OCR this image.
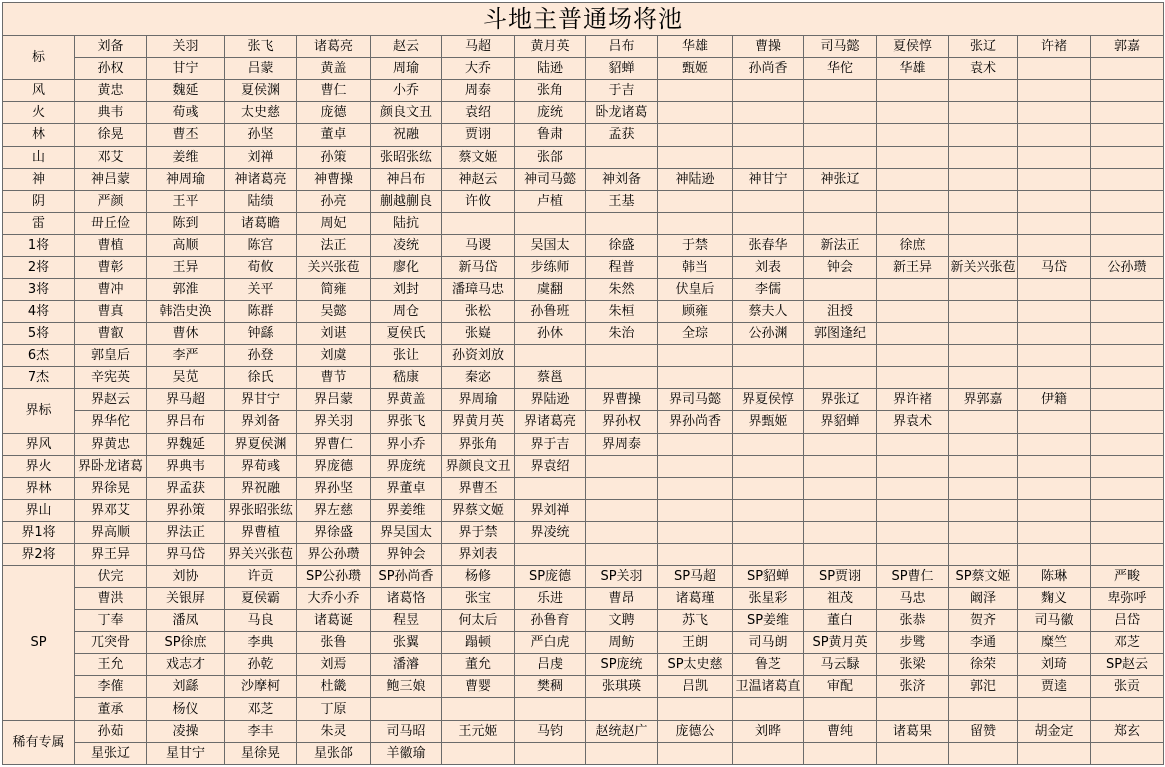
斗地主普通场将池															
标	刘备	关羽	张飞	诸葛亮	赵云	马超	黄月英	吕布	华雄	曹操	司马懿	夏侯惇	张辽	许褚	郭嘉
	孙权	甘宁	吕蒙	黄盖	周瑜	大乔	陆逊	貂蝉	甄姬	孙尚香	华佗	华雄	袁术		
风	黄忠	魏延	夏侯渊	曹仁	小乔	周泰	张角	于吉							
火	典韦	荀彧	太史慈	庞德	颜良文丑	袁绍	庞统	卧龙诸葛							
林	徐晃	曹丕	孙坚	董卓	祝融	贾诩	鲁肃	孟获							
山	邓艾	姜维	刘禅	孙策	张昭张纮	蔡文姬	张郃								
神	神吕蒙	神周瑜	神诸葛亮	神曹操	神吕布	神赵云	神司马懿	神刘备	神陆逊	神甘宁	神张辽				
阴	严颜	王平	陆绩	孙亮	蒯越蒯良	许攸	卢植	王基							
雷	毌丘俭	陈到	诸葛瞻	周妃	陆抗										
1将	曹植	高顺	陈宫	法正	凌统	马谡	吴国太	徐盛	于禁	张春华	新法正	徐庶			
2将	曹彰	王异	荀攸	关兴张苞	廖化	新马岱	步练师	程普	韩当	刘表	钟会	新王异	新关兴张苞	马岱	公孙瓒
3将	曹冲	郭淮	关平	简雍	刘封	潘璋马忠	虞翻	朱然	伏皇后	李儒					
4将	曹真	韩浩史涣	陈群	吴懿	周仓	张松	孙鲁班	朱桓	顾雍	蔡夫人	沮授				
5将	曹叡	曹休	钟繇	刘谌	夏侯氏	张嶷	孙休	朱治	全琮	公孙渊	郭图逢纪				
6杰	郭皇后	李严	孙登	刘虞	张让	孙资刘放									
7杰	辛宪英	吴苋	徐氏	曹节	嵇康	秦宓	蔡邕								
界标	界赵云	界马超	界甘宁	界吕蒙	界黄盖	界周瑜	界陆逊	界曹操	界司马懿	界夏侯惇	界张辽	界许褚	界郭嘉	伊籍	
	界华佗	界吕布	界刘备	界关羽	界张飞	界黄月英	界诸葛亮	界孙权	界孙尚香	界甄姬	界貂蝉	界袁术			
界风	界黄忠	界魏延	界夏侯渊	界曹仁	界小乔	界张角	界于吉	界周泰							
界火	界卧龙诸葛	界典韦	界荀彧	界庞德	界庞统	界颜良文丑	界袁绍								
界林	界徐晃	界孟获	界祝融	界孙坚	界董卓	界曹丕									
界山	界邓艾	界孙策	界张昭张纮	界左慈	界姜维	界蔡文姬	界刘禅								
界1将	界高顺	界法正	界曹植	界徐盛	界吴国太	界于禁	界凌统								
界2将	界王异	界马岱	界关兴张苞	界公孙瓒	界钟会	界刘表									
SP	伏完	刘协	许贡	SP公孙瓒	SP孙尚香	杨修	SP庞德	SP关羽	SP马超	SP貂蝉	SP贾诩	SP曹仁	SP蔡文姬	陈琳	严畯
	曹洪	关银屏	夏侯霸	大乔小乔	诸葛恪	张宝	乐进	曹昂	诸葛瑾	张星彩	祖茂	马忠	阚泽	麴义	卑弥呼
	丁奉	潘凤	马良	诸葛诞	程昱	何太后	孙鲁育	文聘	苏飞	SP姜维	董白	张恭	贺齐	司马徽	吕岱
	兀突骨	SP徐庶	李典	张鲁	张翼	蹋顿	严白虎	周鲂	王朗	司马朗	SP黄月英	步骘	李通	糜竺	邓芝
	王允	戏志才	孙乾	刘焉	潘濬	董允	吕虔	SP庞统	SP太史慈	鲁芝	马云騄	张梁	徐荣	刘琦	SP赵云
	李傕	刘繇	沙摩柯	杜畿	鲍三娘	曹婴	樊稠	张琪瑛	吕凯	卫温诸葛直	审配	张济	郭汜	贾逵	张贡
	董承	杨仪	邓芝	丁原											
稀有专属	孙茹	凌操	李丰	朱灵	司马昭	王元姬	马钧	赵统赵广	庞德公	刘晔	曹纯	诸葛果	留赞	胡金定	郑玄
	星张辽	星甘宁	星徐晃	星张郃	羊徽瑜										
